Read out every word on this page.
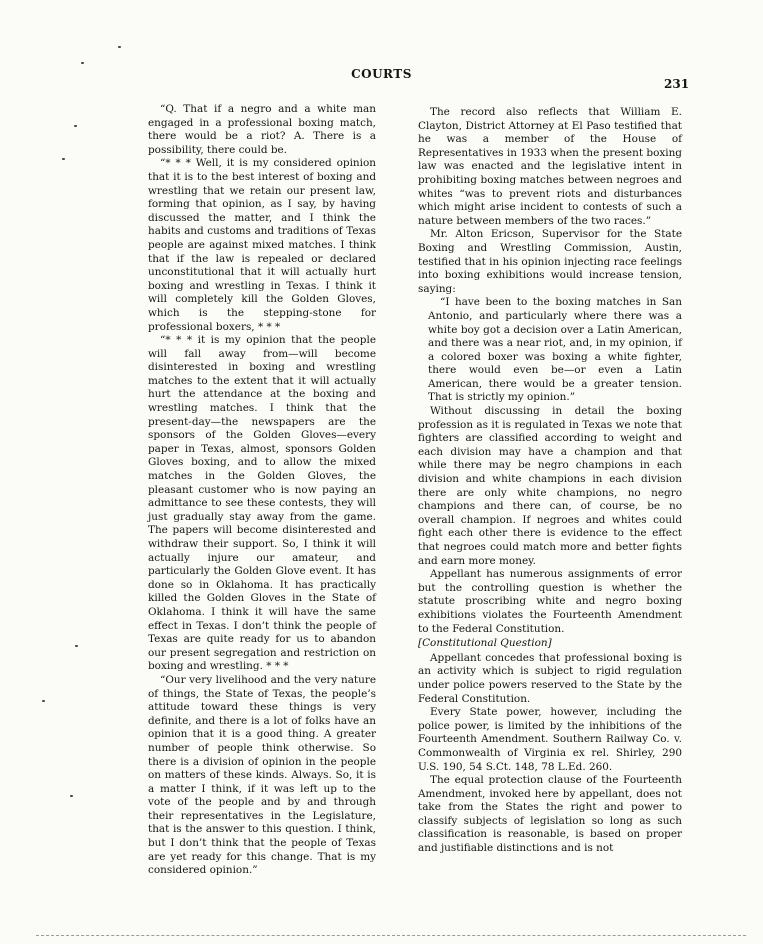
COURTS
231

“Q. That if a negro and a white man engaged in a professional boxing match, there would be a riot? A. There is a possibility, there could be.

“* * * Well, it is my considered opinion that it is to the best interest of boxing and wrestling that we retain our present law, forming that opinion, as I say, by having discussed the matter, and I think the habits and customs and traditions of Texas people are against mixed matches. I think that if the law is repealed or declared unconstitutional that it will actually hurt boxing and wrestling in Texas. I think it will completely kill the Golden Gloves, which is the stepping-stone for professional boxers, * * *

“* * * it is my opinion that the people will fall away from—will become disinterested in boxing and wrestling matches to the extent that it will actually hurt the attendance at the boxing and wrestling matches. I think that the present-day—the newspapers are the sponsors of the Golden Gloves—every paper in Texas, almost, sponsors Golden Gloves boxing, and to allow the mixed matches in the Golden Gloves, the pleasant customer who is now paying an admittance to see these contests, they will just gradually stay away from the game. The papers will become disinterested and withdraw their support. So, I think it will actually injure our amateur, and particularly the Golden Glove event. It has done so in Oklahoma. It has practically killed the Golden Gloves in the State of Oklahoma. I think it will have the same effect in Texas. I don’t think the people of Texas are quite ready for us to abandon our present segregation and restriction on boxing and wrestling. * * *

“Our very livelihood and the very nature of things, the State of Texas, the people’s attitude toward these things is very definite, and there is a lot of folks have an opinion that it is a good thing. A greater number of people think otherwise. So there is a division of opinion in the people on matters of these kinds. Always. So, it is a matter I think, if it was left up to the vote of the people and by and through their representatives in the Legislature, that is the answer to this question. I think, but I don’t think that the people of Texas are yet ready for this change. That is my considered opinion.”

The record also reflects that William E. Clayton, District Attorney at El Paso testified that he was a member of the House of Representatives in 1933 when the present boxing law was enacted and the legislative intent in prohibiting boxing matches between negroes and whites “was to prevent riots and disturbances which might arise incident to contests of such a nature between members of the two races.”

Mr. Alton Ericson, Supervisor for the State Boxing and Wrestling Commission, Austin, testified that in his opinion injecting race feelings into boxing exhibitions would increase tension, saying:

“I have been to the boxing matches in San Antonio, and particularly where there was a white boy got a decision over a Latin American, and there was a near riot, and, in my opinion, if a colored boxer was boxing a white fighter, there would even be—or even a Latin American, there would be a greater tension. That is strictly my opinion.”

Without discussing in detail the boxing profession as it is regulated in Texas we note that fighters are classified according to weight and each division may have a champion and that while there may be negro champions in each division and white champions in each division there are only white champions, no negro champions and there can, of course, be no overall champion. If negroes and whites could fight each other there is evidence to the effect that negroes could match more and better fights and earn more money.

Appellant has numerous assignments of error but the controlling question is whether the statute proscribing white and negro boxing exhibitions violates the Fourteenth Amendment to the Federal Constitution.

[Constitutional Question]

Appellant concedes that professional boxing is an activity which is subject to rigid regulation under police powers reserved to the State by the Federal Constitution.

Every State power, however, including the police power, is limited by the inhibitions of the Fourteenth Amendment. Southern Railway Co. v. Commonwealth of Virginia ex rel. Shirley, 290 U.S. 190, 54 S.Ct. 148, 78 L.Ed. 260.

The equal protection clause of the Fourteenth Amendment, invoked here by appellant, does not take from the States the right and power to classify subjects of legislation so long as such classification is reasonable, is based on proper and justifiable distinctions and is not
